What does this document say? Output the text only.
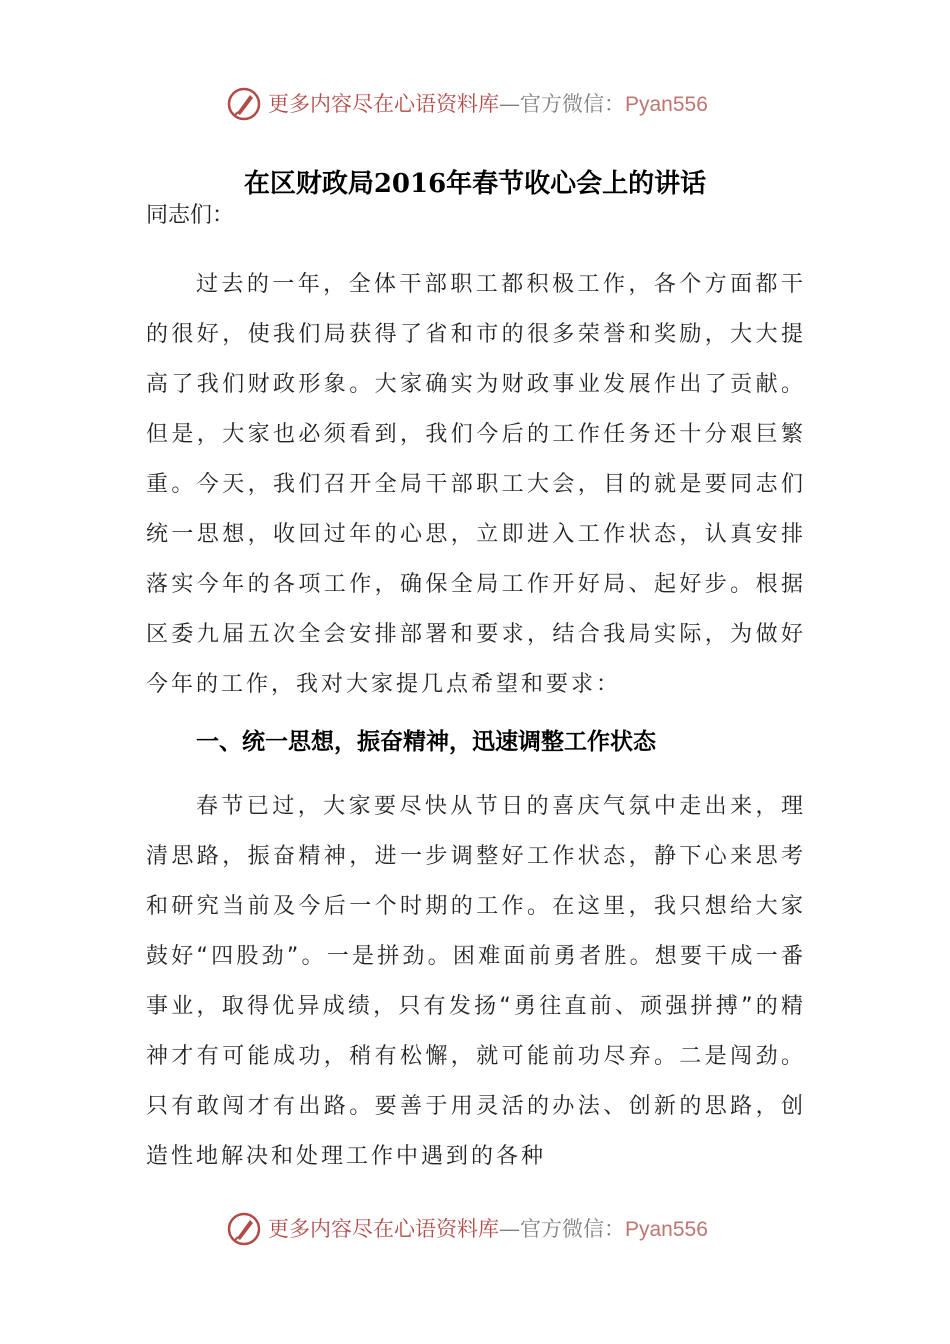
更多内容尽在心语资料库—官方微信：Pyan556
在区财政局2016年春节收心会上的讲话
同志们：

过去的一年，全体干部职工都积极工作，各个方面都干的很好，使我们局获得了省和市的很多荣誉和奖励，大大提高了我们财政形象。大家确实为财政事业发展作出了贡献。但是，大家也必须看到，我们今后的工作任务还十分艰巨繁重。今天，我们召开全局干部职工大会，目的就是要同志们统一思想，收回过年的心思，立即进入工作状态，认真安排落实今年的各项工作，确保全局工作开好局、起好步。根据区委九届五次全会安排部署和要求，结合我局实际，为做好今年的工作，我对大家提几点希望和要求：

一、统一思想，振奋精神，迅速调整工作状态

春节已过，大家要尽快从节日的喜庆气氛中走出来，理清思路，振奋精神，进一步调整好工作状态，静下心来思考和研究当前及今后一个时期的工作。在这里，我只想给大家鼓好“四股劲”。一是拼劲。困难面前勇者胜。想要干成一番事业，取得优异成绩，只有发扬“勇往直前、顽强拼搏”的精神才有可能成功，稍有松懈，就可能前功尽弃。二是闯劲。只有敢闯才有出路。要善于用灵活的办法、创新的思路，创造性地解决和处理工作中遇到的各种

更多内容尽在心语资料库—官方微信：Pyan556
